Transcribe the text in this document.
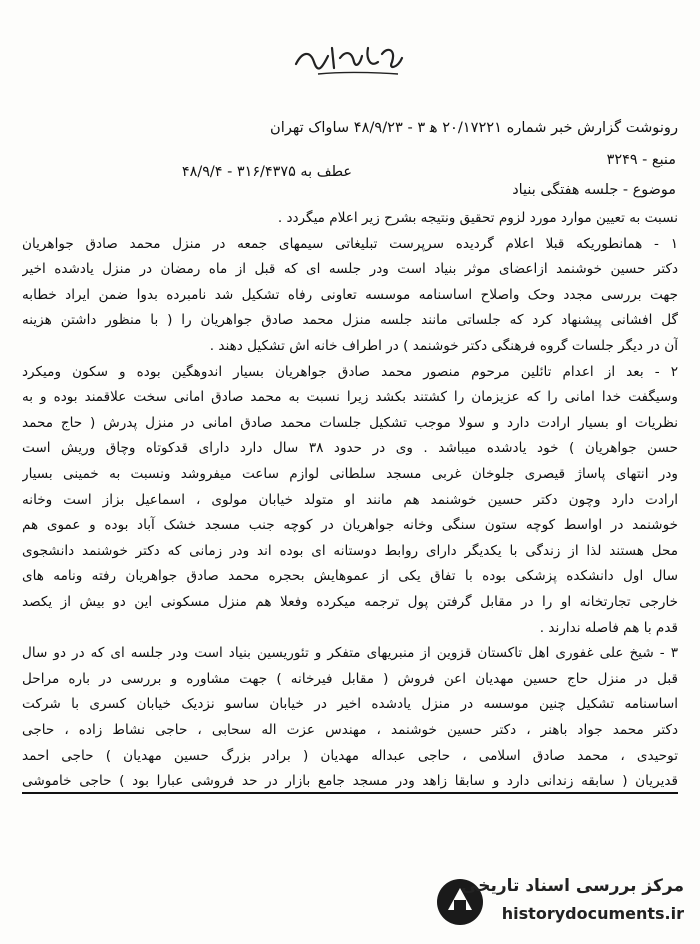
رونوشت گزارش خبر شماره ۲۰/۱۷۲۲۱ ه‍ ۳ - ۴۸/۹/۲۳ ساواک تهران
منبع - ۳۲۴۹
عطف به ۳۱۶/۴۳۷۵ - ۴۸/۹/۴
موضوع - جلسه هفتگی بنیاد
نسبت به تعیین موارد مورد لزوم تحقیق ونتیجه بشرح زیر اعلام میگردد .
۱ - همانطوریکه قبلا اعلام گردیده سرپرست تبلیغاتی سیمهای جمعه در منزل محمد صادق جواهریان
دکتر حسین خوشنمد ازاعضای موثر بنیاد است ودر جلسه ای که قبل از ماه رمضان در منزل یادشده اخیر
جهت بررسی مجدد وحک واصلاح اساسنامه موسسه تعاونی رفاه تشکیل شد نامبرده بدوا ضمن ایراد خطابه
گل افشانی پیشنهاد کرد که جلساتی مانند جلسه منزل محمد صادق جواهریان را ( با منظور داشتن هزینه
آن در دیگر جلسات گروه فرهنگی دکتر خوشنمد ) در اطراف خانه اش تشکیل دهند .
۲ - بعد از اعدام تائلین مرحوم منصور محمد صادق جواهریان بسیار اندوهگین بوده و سکون ومیکرد
وسیگفت خدا امانی را که عزیزمان را کشتند بکشد زیرا نسبت به محمد صادق امانی سخت علاقمند بوده و به
نظریات او بسیار ارادت دارد و سولا موجب تشکیل جلسات محمد صادق امانی در منزل پدرش ( حاج محمد
حسن جواهریان ) خود یادشده میباشد . وی در حدود ۳۸ سال دارد دارای قدکوتاه وچاق وریش است
ودر انتهای پاساژ قیصری جلوخان غربی مسجد سلطانی لوازم ساعت میفروشد ونسبت به خمینی بسیار
ارادت دارد وچون دکتر حسین خوشنمد هم مانند او متولد خیابان مولوی ، اسماعیل بزاز است وخانه
خوشنمد در اواسط کوچه ستون سنگی وخانه جواهریان در کوچه جنب مسجد خشک آباد بوده و عموی هم
محل هستند لذا از زندگی با یکدیگر دارای روابط دوستانه ای بوده اند ودر زمانی که دکتر خوشنمد دانشجوی
سال اول دانشکده پزشکی بوده با تفاق یکی از عموهایش بحجره محمد صادق جواهریان رفته ونامه های
خارجی تجارتخانه او را در مقابل گرفتن پول ترجمه میکرده وفعلا هم منزل مسکونی این دو بیش از یکصد
قدم با هم فاصله ندارند .
۳ - شیخ علی غفوری اهل تاکستان قزوین از منبریهای متفکر و تئوریسین بنیاد است ودر جلسه ای که در دو سال
قبل در منزل حاج حسین مهدیان اعن فروش ( مقابل فیرخانه ) جهت مشاوره و بررسی در باره مراحل
اساسنامه تشکیل چنین موسسه در منزل یادشده اخیر در خیابان ساسو نزدیک خیابان کسری با شرکت
دکتر محمد جواد باهنر ، دکتر حسین خوشنمد ، مهندس عزت اله سحابی ، حاجی نشاط زاده ، حاجی
توحیدی ، محمد صادق اسلامی ، حاجی عبداله مهدیان ( برادر بزرگ حسین مهدیان ) حاجی احمد
قدیریان ( سابقه زندانی دارد و سابقا زاهد ودر مسجد جامع بازار در حد فروشی عبارا بود ) حاجی خاموشی
مرکز بررسی اسناد تاریخی
historydocuments.ir
